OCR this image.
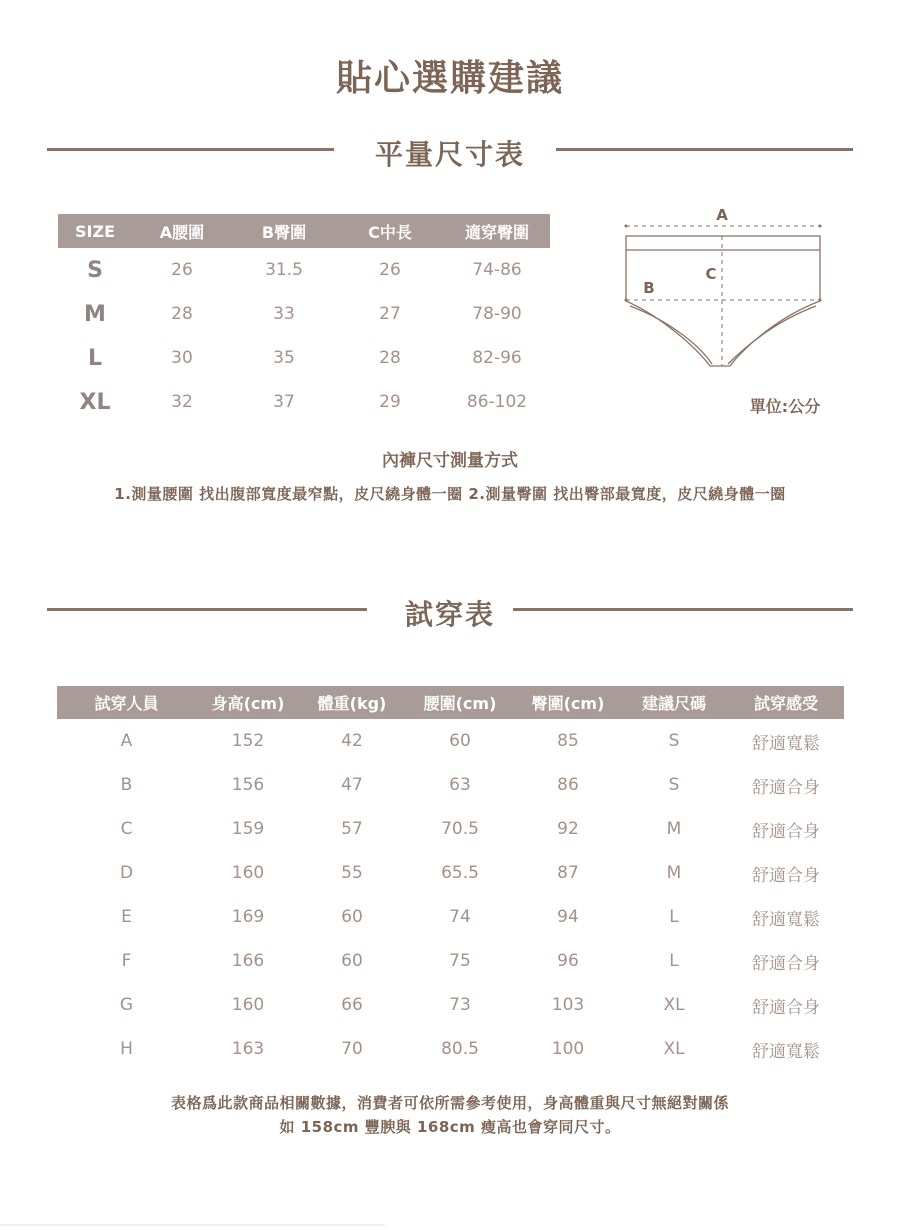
貼心選購建議
平量尺寸表
SIZE	A腰圍	B臀圍	C中長	適穿臀圍
S	26	31.5	26	74-86
M	28	33	27	78-90
L	30	35	28	82-96
XL	32	37	29	86-102
A
B
C
單位:公分
內褲尺寸測量方式
1.測量腰圍 找出腹部寬度最窄點，皮尺繞身體一圈 2.測量臀圍 找出臀部最寬度，皮尺繞身體一圈
試穿表
試穿人員	身高(cm)	體重(kg)	腰圍(cm)	臀圍(cm)	建議尺碼	試穿感受
A	152	42	60	85	S	舒適寬鬆
B	156	47	63	86	S	舒適合身
C	159	57	70.5	92	M	舒適合身
D	160	55	65.5	87	M	舒適合身
E	169	60	74	94	L	舒適寬鬆
F	166	60	75	96	L	舒適合身
G	160	66	73	103	XL	舒適合身
H	163	70	80.5	100	XL	舒適寬鬆
表格爲此款商品相關數據，消費者可依所需參考使用，身高體重與尺寸無絕對關係
如 158cm 豐腴與 168cm 瘦高也會穿同尺寸。
